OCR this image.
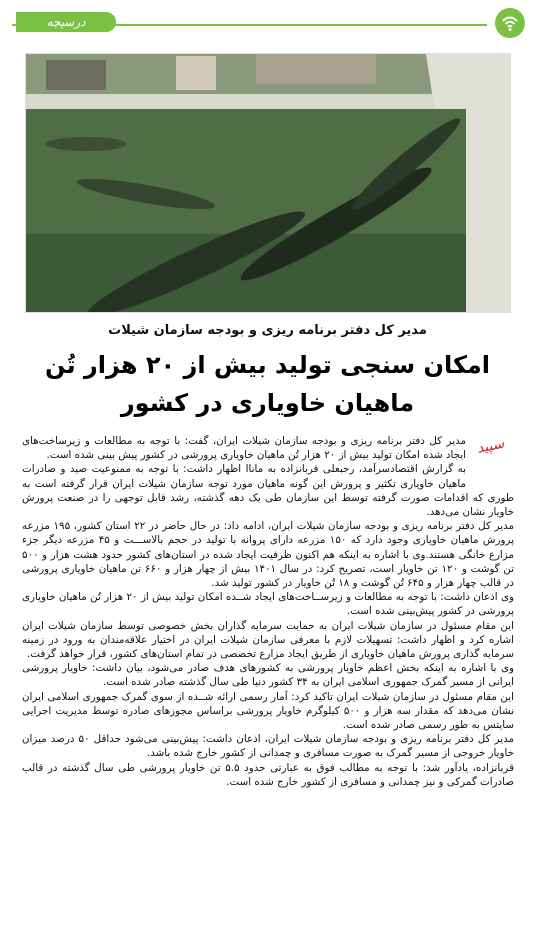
درسپچه
مدیر کل دفتر برنامه ریزی و بودجه سازمان شیلات
امکان سنجی تولید بیش از ۲۰ هزار تُن ماهیان خاویاری در کشور
سپید

مدیر کل دفتر برنامه ریزی و بودجه سازمان شیلات ایران، گفت: با توجه به مطالعات و زیرساخت‌های ایجاد شده امکان تولید بیش از ۲۰ هزار تُن ماهیان خاویاری پرورشی در کشور پیش بینی شده است.

به گزارش اقتصادسرآمد، رجبعلی قربانزاده به ماناا اظهار داشت: با توجه به ممنوعیت صید و صادرات ماهیان خاویاری تکثیر و پرورش این گونه ماهیان مورد توجه سازمان شیلات ایران قرار گرفته است به طوری که اقدامات صورت گرفته توسط این سازمان طی یک دهه گذشته، رشد قابل توجهی را در صنعت پرورش خاویار نشان می‌دهد.

مدیر کل دفتر برنامه ریزی و بودجه سازمان شیلات ایران، ادامه داد: در حال حاضر در ۲۲ استان کشور، ۱۹۵ مزرعه پرورش ماهیان خاویاری وجود دارد که ۱۵۰ مزرعه دارای پروانه با تولید در حجم بالاســـت و ۴۵ مزرعه دیگر جزء مزارع خانگی هستند.وی با اشاره به اینکه هم اکنون ظرفیت ایجاد شده در استان‌های کشور حدود هشت هزار و ۵۰۰ تن گوشت و ۱۲۰ تن خاویار است، تصریح کرد: در سال ۱۴۰۱ بیش از چهار هزار و ۶۶۰ تن ماهیان خاویاری پرورشی در قالب چهار هزار و ۶۴۵ تُن گوشت و ۱۸ تُن خاویار در کشور تولید شد.

وی اذعان داشت: با توجه به مطالعات و زیرســاخت‌های ایجاد شــده امکان تولید بیش از ۲۰ هزار تُن ماهیان خاویاری پرورشی در کشور پیش‌بینی شده است.

این مقام مسئول در سازمان شیلات ایران به حمایت سرمایه گذاران بخش خصوصی توسط سازمان شیلات ایران اشاره کرد و اظهار داشت: تسهیلات لازم با معرفی سازمان شیلات ایران در اختیار علاقه‌مندان به ورود در زمینه سرمایه گذاری پرورش ماهیان خاویاری از طریق ایجاد مزارع تخصصی در تمام استان‌های کشور، قرار خواهد گرفت.

وی با اشاره به اینکه بخش اعظم خاویار پرورشی به کشورهای هدف صادر می‌شود، بیان داشت: خاویار پرورشی ایرانی از مسیر گمرک جمهوری اسلامی ایران به ۳۴ کشور دنیا طی سال گذشته صادر شده است.

این مقام مسئول در سازمان شیلات ایران تاکید کرد: آمار رسمی ارائه شــده از سوی گمرک جمهوری اسلامی ایران نشان می‌دهد که مقدار سه هزار و ۵۰۰ کیلوگرم خاویار پرورشی براساس مجوزهای صادره توسط مدیریت اجرایی سایتس به طور رسمی صادر شده است.

مدیر کل دفتر برنامه ریزی و بودجه سازمان شیلات ایران، اذعان داشت: پیش‌بینی می‌شود حداقل ۵۰ درصد میزان خاویار خروجی از مسیر گمرک به صورت مسافری و چمدانی از کشور خارج شده باشد.

قربانزاده، یادآور شد: با توجه به مطالب فوق به عبارتی حدود ۵.۵ تن خاویار پرورشی طی سال گذشته در قالب صادرات گمرکی و نیز چمدانی و مسافری از کشور خارج شده است.
